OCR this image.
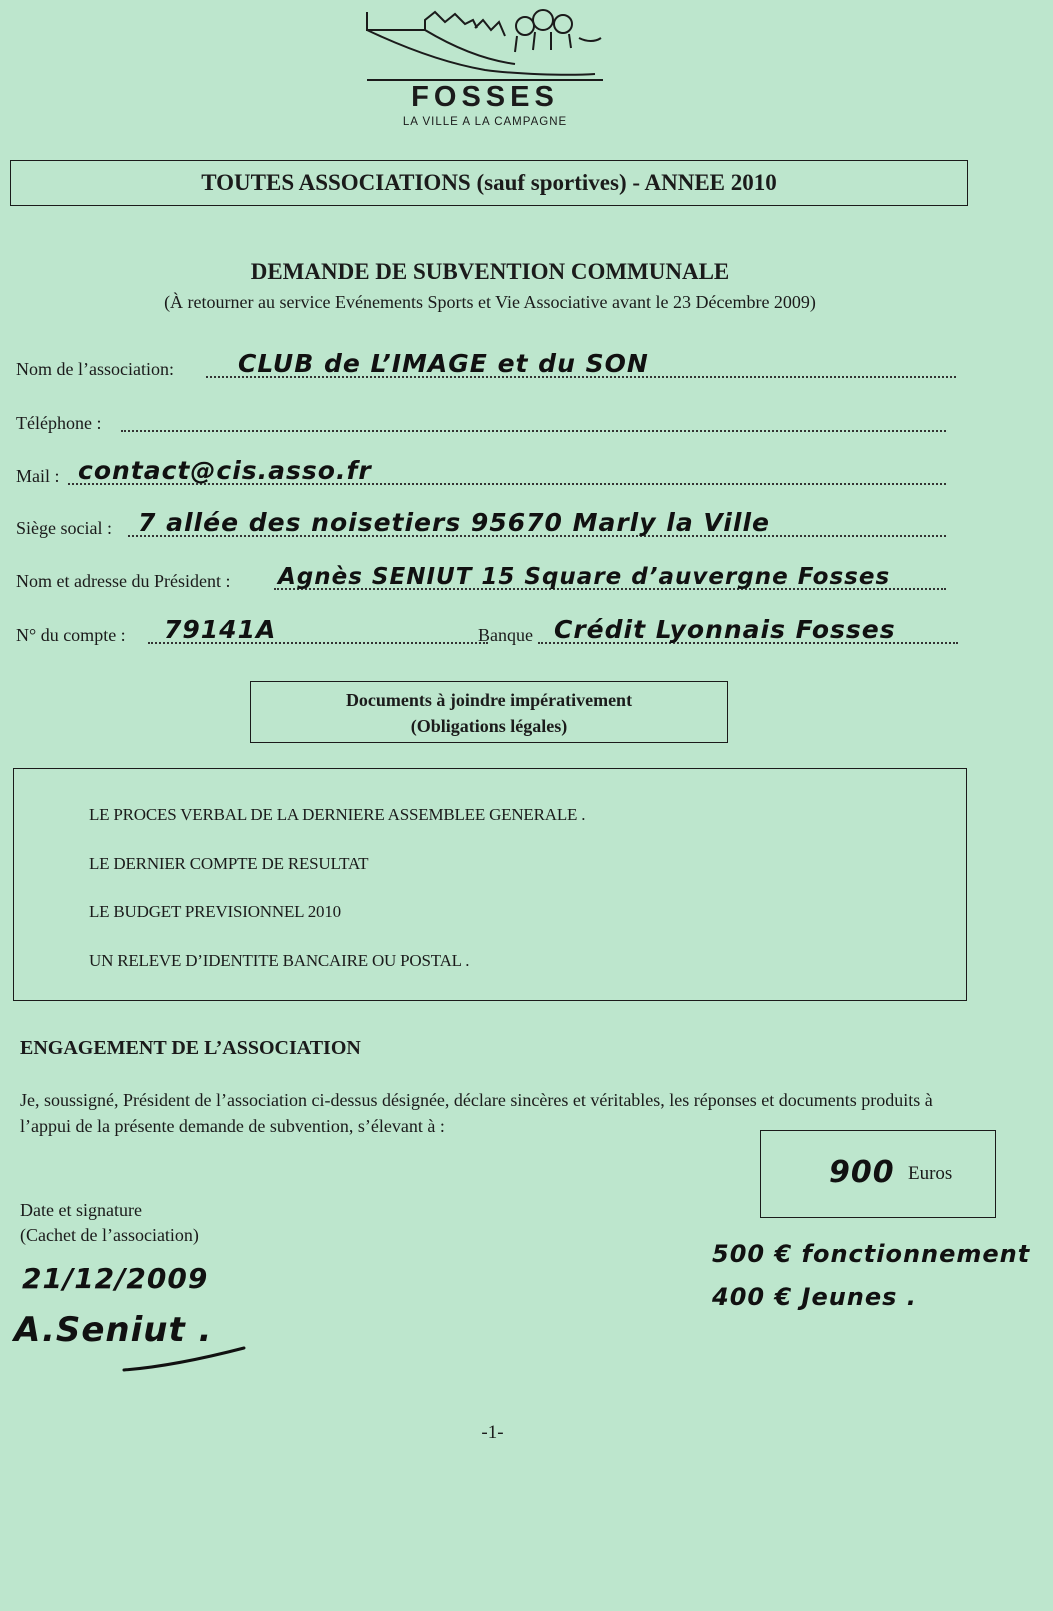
FOSSES
LA VILLE A LA CAMPAGNE
TOUTES ASSOCIATIONS (sauf sportives) - ANNEE 2010
DEMANDE DE SUBVENTION COMMUNALE
(À retourner au service Evénements Sports et Vie Associative avant le 23 Décembre 2009)
Nom de l’association:	CLUB de L’IMAGE et du SON
Téléphone :
Mail : contact@cis.asso.fr
Siège social : 7 allée des noisetiers 95670 Marly la Ville
Nom et adresse du Président : Agnès SENIUT 15 Square d’auvergne Fosses
N° du compte : 79141A	Banque Crédit Lyonnais Fosses
Documents à joindre impérativement
(Obligations légales)
LE PROCES VERBAL DE LA DERNIERE ASSEMBLEE GENERALE .
LE DERNIER COMPTE DE RESULTAT
LE BUDGET PREVISIONNEL 2010
UN RELEVE D’IDENTITE BANCAIRE OU POSTAL .
ENGAGEMENT DE L’ASSOCIATION
Je, soussigné, Président de l’association ci-dessus désignée, déclare sincères et véritables, les réponses et documents produits à l’appui de la présente demande de subvention, s’élevant à :
900 Euros
Date et signature
(Cachet de l’association)
21/12/2009
A.Seniut .
500 € fonctionnement
400 € Jeunes .
-1-
